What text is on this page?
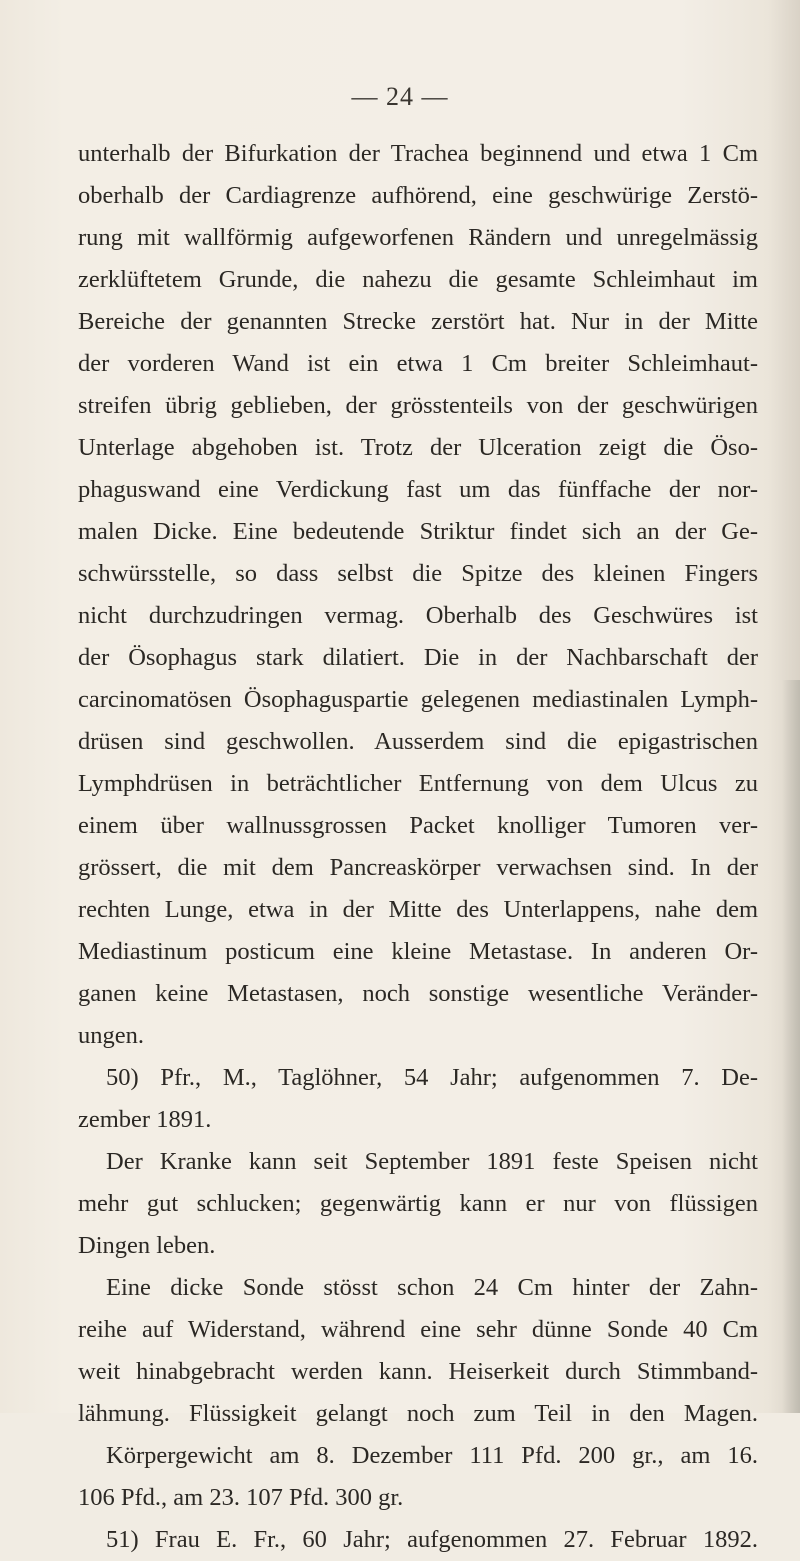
— 24 —
unterhalb der Bifurkation der Trachea beginnend und etwa 1 Cm
oberhalb der Cardiagrenze aufhörend, eine geschwürige Zerstö-
rung mit wallförmig aufgeworfenen Rändern und unregelmässig
zerklüftetem Grunde, die nahezu die gesamte Schleimhaut im
Bereiche der genannten Strecke zerstört hat. Nur in der Mitte
der vorderen Wand ist ein etwa 1 Cm breiter Schleimhaut-
streifen übrig geblieben, der grösstenteils von der geschwürigen
Unterlage abgehoben ist. Trotz der Ulceration zeigt die Öso-
phaguswand eine Verdickung fast um das fünffache der nor-
malen Dicke. Eine bedeutende Striktur findet sich an der Ge-
schwürsstelle, so dass selbst die Spitze des kleinen Fingers
nicht durchzudringen vermag. Oberhalb des Geschwüres ist
der Ösophagus stark dilatiert. Die in der Nachbarschaft der
carcinomatösen Ösophaguspartie gelegenen mediastinalen Lymph-
drüsen sind geschwollen. Ausserdem sind die epigastrischen
Lymphdrüsen in beträchtlicher Entfernung von dem Ulcus zu
einem über wallnussgrossen Packet knolliger Tumoren ver-
grössert, die mit dem Pancreaskörper verwachsen sind. In der
rechten Lunge, etwa in der Mitte des Unterlappens, nahe dem
Mediastinum posticum eine kleine Metastase. In anderen Or-
ganen keine Metastasen, noch sonstige wesentliche Veränder-
ungen.
50) Pfr., M., Taglöhner, 54 Jahr; aufgenommen 7. De-
zember 1891.
Der Kranke kann seit September 1891 feste Speisen nicht
mehr gut schlucken; gegenwärtig kann er nur von flüssigen
Dingen leben.
Eine dicke Sonde stösst schon 24 Cm hinter der Zahn-
reihe auf Widerstand, während eine sehr dünne Sonde 40 Cm
weit hinabgebracht werden kann. Heiserkeit durch Stimmband-
lähmung. Flüssigkeit gelangt noch zum Teil in den Magen.
Körpergewicht am 8. Dezember 111 Pfd. 200 gr., am 16.
106 Pfd., am 23. 107 Pfd. 300 gr.
51) Frau E. Fr., 60 Jahr; aufgenommen 27. Februar 1892.
